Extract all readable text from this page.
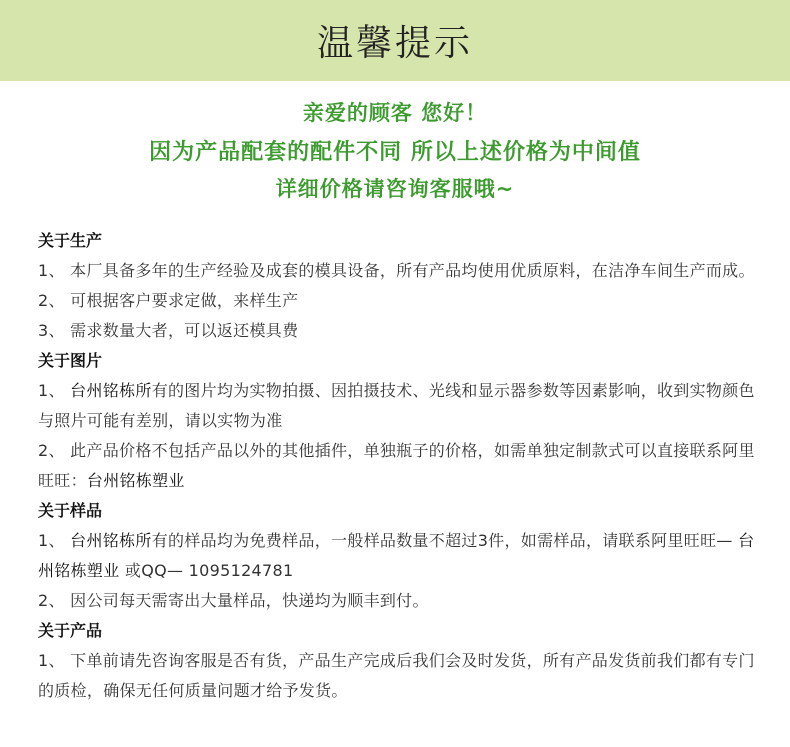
温馨提示
亲爱的顾客 您好！
因为产品配套的配件不同 所以上述价格为中间值
详细价格请咨询客服哦~
关于生产
1、 本厂具备多年的生产经验及成套的模具设备，所有产品均使用优质原料，在洁净车间生产而成。
2、 可根据客户要求定做，来样生产
3、 需求数量大者，可以返还模具费
关于图片
1、 台州铭栋所有的图片均为实物拍摄、因拍摄技术、光线和显示器参数等因素影响，收到实物颜色与照片可能有差别，请以实物为准
2、 此产品价格不包括产品以外的其他插件，单独瓶子的价格，如需单独定制款式可以直接联系阿里旺旺：台州铭栋塑业
关于样品
1、 台州铭栋所有的样品均为免费样品，一般样品数量不超过3件，如需样品，请联系阿里旺旺— 台州铭栋塑业 或QQ— 1095124781
2、 因公司每天需寄出大量样品，快递均为顺丰到付。
关于产品
1、 下单前请先咨询客服是否有货，产品生产完成后我们会及时发货，所有产品发货前我们都有专门的质检，确保无任何质量问题才给予发货。
